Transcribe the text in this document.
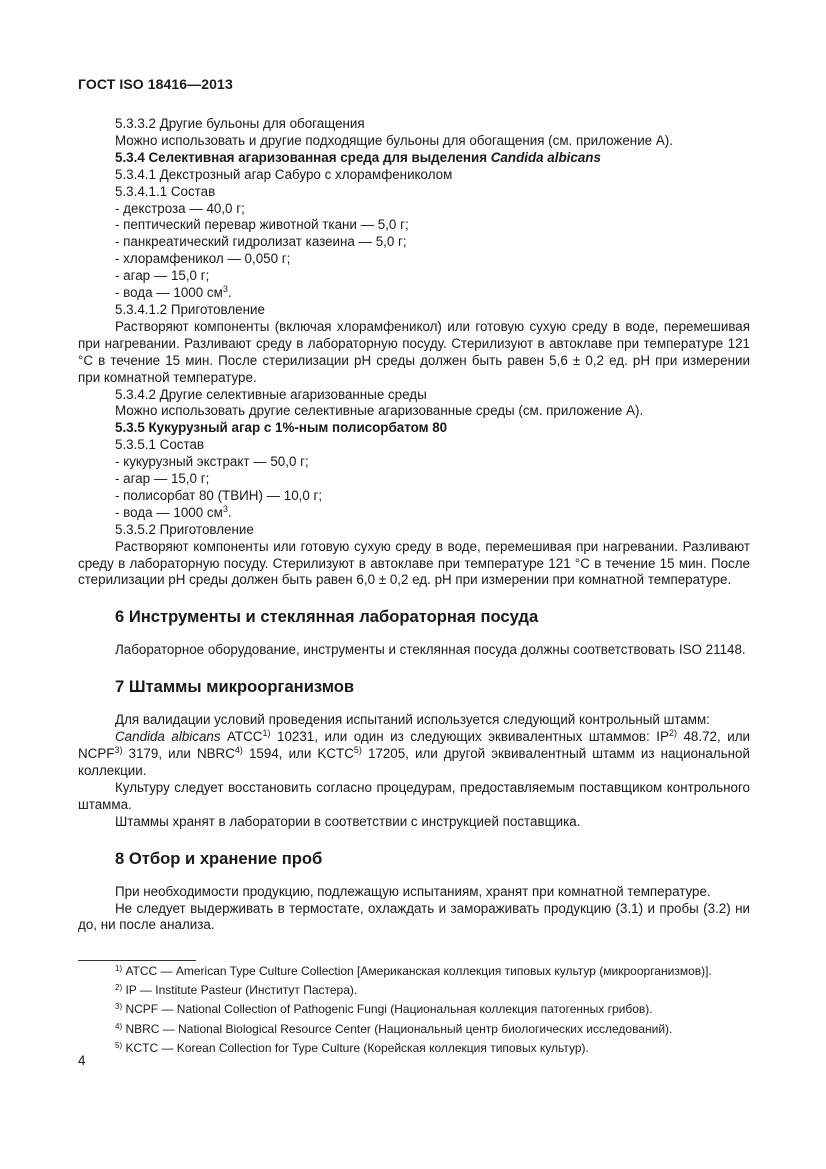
ГОСТ ISO 18416—2013

5.3.3.2 Другие бульоны для обогащения

Можно использовать и другие подходящие бульоны для обогащения (см. приложение А).

5.3.4 Селективная агаризованная среда для выделения Candida albicans

5.3.4.1 Декстрозный агар Сабуро с хлорамфениколом

5.3.4.1.1 Состав

- декстроза — 40,0 г;

- пептический перевар животной ткани — 5,0 г;

- панкреатический гидролизат казеина — 5,0 г;

- хлорамфеникол — 0,050 г;

- агар — 15,0 г;

- вода — 1000 $см^3$.

5.3.4.1.2 Приготовление

Растворяют компоненты (включая хлорамфеникол) или готовую сухую среду в воде, перемешивая при нагревании. Разливают среду в лабораторную посуду. Стерилизуют в автоклаве при температуре 121 °С в течение 15 мин. После стерилизации рН среды должен быть равен 5,6 ± 0,2 ед. рН при измерении при комнатной температуре.

5.3.4.2 Другие селективные агаризованные среды

Можно использовать другие селективные агаризованные среды (см. приложение А).

5.3.5 Кукурузный агар с 1%-ным полисорбатом 80

5.3.5.1 Состав

- кукурузный экстракт — 50,0 г;

- агар — 15,0 г;

- полисорбат 80 (ТВИН) — 10,0 г;

- вода — 1000 $см^3$.

5.3.5.2 Приготовление

Растворяют компоненты или готовую сухую среду в воде, перемешивая при нагревании. Разливают среду в лабораторную посуду. Стерилизуют в автоклаве при температуре 121 °С в течение 15 мин. После стерилизации рН среды должен быть равен 6,0 ± 0,2 ед. рН при измерении при комнатной температуре.

6 Инструменты и стеклянная лабораторная посуда

Лабораторное оборудование, инструменты и стеклянная посуда должны соответствовать ISO 21148.

7 Штаммы микроорганизмов

Для валидации условий проведения испытаний используется следующий контрольный штамм:

Candida albicans АТСС$^{1)}$ 10231, или один из следующих эквивалентных штаммов: IP$^{2)}$ 48.72, или NCPF$^{3)}$ 3179, или NBRC$^{4)}$ 1594, или KCTC$^{5)}$ 17205, или другой эквивалентный штамм из национальной коллекции.

Культуру следует восстановить согласно процедурам, предоставляемым поставщиком контрольного штамма.

Штаммы хранят в лаборатории в соответствии с инструкцией поставщика.

8 Отбор и хранение проб

При необходимости продукцию, подлежащую испытаниям, хранят при комнатной температуре.

Не следует выдерживать в термостате, охлаждать и замораживать продукцию (3.1) и пробы (3.2) ни до, ни после анализа.

$^{1)}$ АТСС — American Type Culture Collection [Американская коллекция типовых культур (микроорганизмов)].

$^{2)}$ IP — Institute Pasteur (Институт Пастера).

$^{3)}$ NCPF — National Collection of Pathogenic Fungi (Национальная коллекция патогенных грибов).

$^{4)}$ NBRC — National Biological Resource Center (Национальный центр биологических исследований).

$^{5)}$ KCTC — Korean Collection for Type Culture (Корейская коллекция типовых культур).

4
